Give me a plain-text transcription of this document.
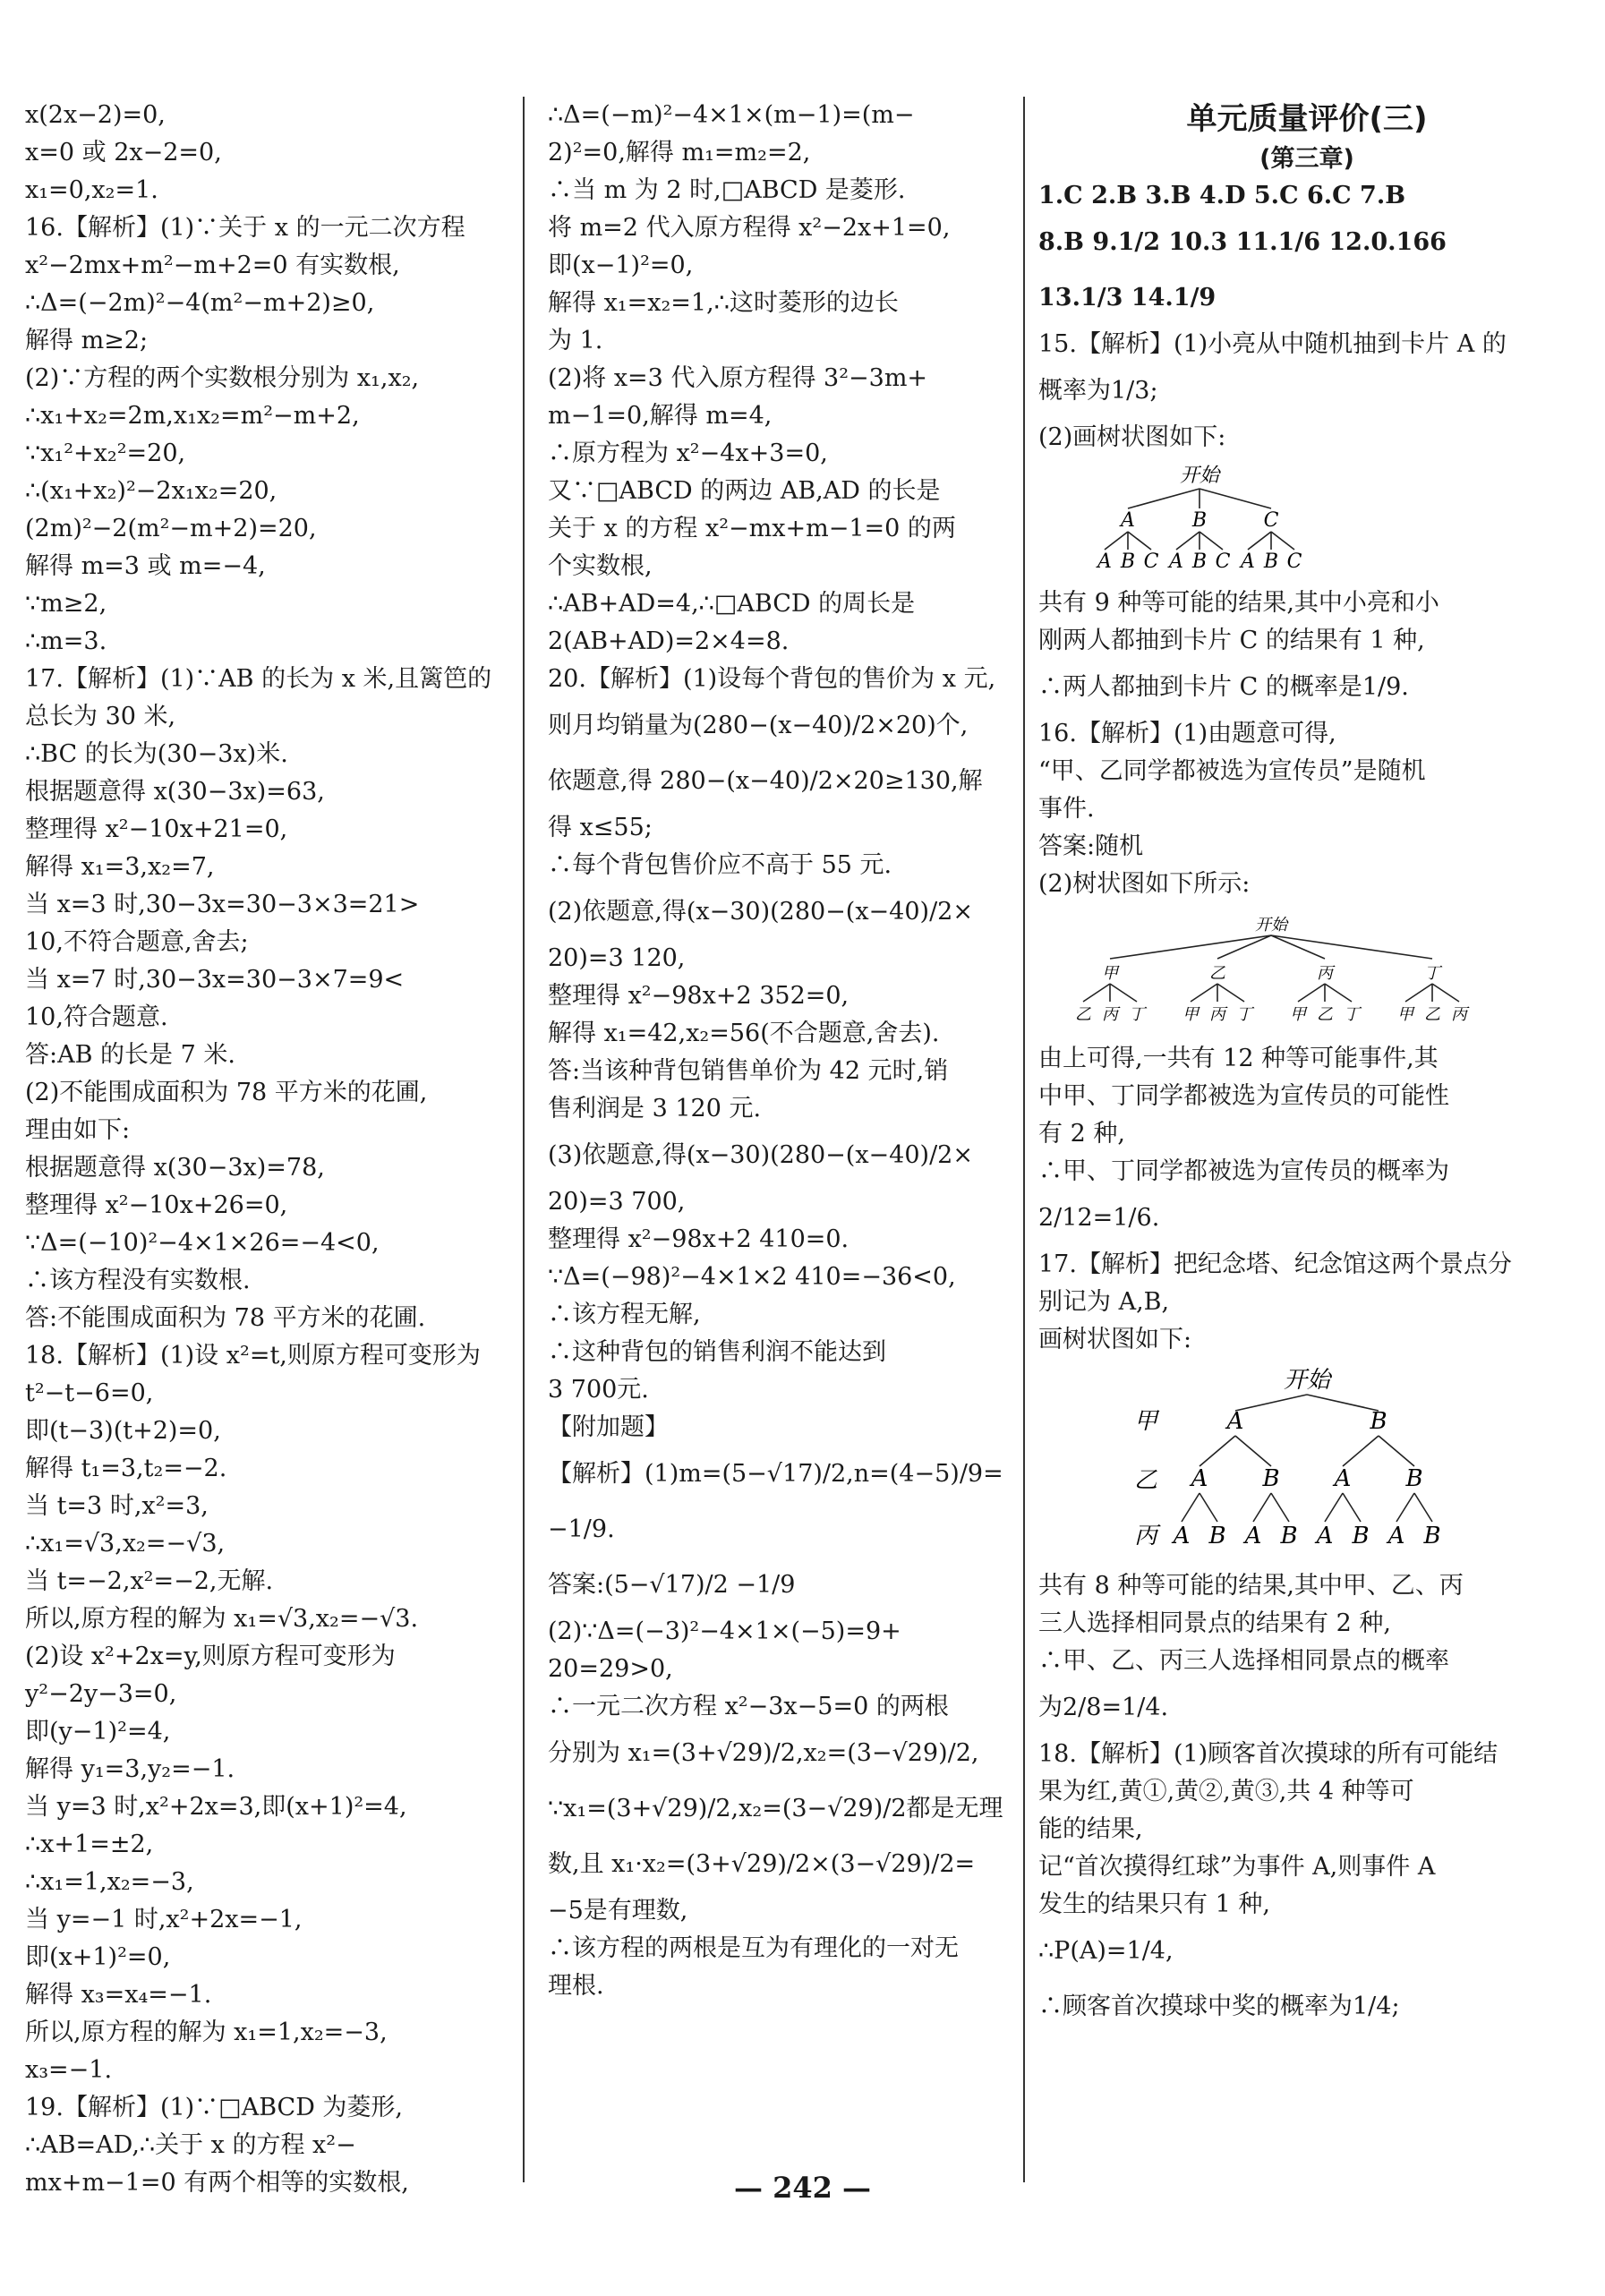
x(2x−2)=0,
x=0 或 2x−2=0,
x₁=0,x₂=1.
16.【解析】(1)∵关于 x 的一元二次方程
x²−2mx+m²−m+2=0 有实数根,
∴Δ=(−2m)²−4(m²−m+2)≥0,
解得 m≥2;
(2)∵方程的两个实数根分别为 x₁,x₂,
∴x₁+x₂=2m,x₁x₂=m²−m+2,
∵x₁²+x₂²=20,
∴(x₁+x₂)²−2x₁x₂=20,
(2m)²−2(m²−m+2)=20,
解得 m=3 或 m=−4,
∵m≥2,
∴m=3.
17.【解析】(1)∵AB 的长为 x 米,且篱笆的
总长为 30 米,
∴BC 的长为(30−3x)米.
根据题意得 x(30−3x)=63,
整理得 x²−10x+21=0,
解得 x₁=3,x₂=7,
当 x=3 时,30−3x=30−3×3=21>
10,不符合题意,舍去;
当 x=7 时,30−3x=30−3×7=9<
10,符合题意.
答:AB 的长是 7 米.
(2)不能围成面积为 78 平方米的花圃,
理由如下:
根据题意得 x(30−3x)=78,
整理得 x²−10x+26=0,
∵Δ=(−10)²−4×1×26=−4<0,
∴该方程没有实数根.
答:不能围成面积为 78 平方米的花圃.
18.【解析】(1)设 x²=t,则原方程可变形为
t²−t−6=0,
即(t−3)(t+2)=0,
解得 t₁=3,t₂=−2.
当 t=3 时,x²=3,
∴x₁=√3,x₂=−√3,
当 t=−2,x²=−2,无解.
所以,原方程的解为 x₁=√3,x₂=−√3.
(2)设 x²+2x=y,则原方程可变形为
y²−2y−3=0,
即(y−1)²=4,
解得 y₁=3,y₂=−1.
当 y=3 时,x²+2x=3,即(x+1)²=4,
∴x+1=±2,
∴x₁=1,x₂=−3,
当 y=−1 时,x²+2x=−1,
即(x+1)²=0,
解得 x₃=x₄=−1.
所以,原方程的解为 x₁=1,x₂=−3,
x₃=−1.
19.【解析】(1)∵□ABCD 为菱形,
∴AB=AD,∴关于 x 的方程 x²−
mx+m−1=0 有两个相等的实数根,
∴Δ=(−m)²−4×1×(m−1)=(m−
2)²=0,解得 m₁=m₂=2,
∴当 m 为 2 时,□ABCD 是菱形.
将 m=2 代入原方程得 x²−2x+1=0,
即(x−1)²=0,
解得 x₁=x₂=1,∴这时菱形的边长
为 1.
(2)将 x=3 代入原方程得 3²−3m+
m−1=0,解得 m=4,
∴原方程为 x²−4x+3=0,
又∵□ABCD 的两边 AB,AD 的长是
关于 x 的方程 x²−mx+m−1=0 的两
个实数根,
∴AB+AD=4,∴□ABCD 的周长是
2(AB+AD)=2×4=8.
20.【解析】(1)设每个背包的售价为 x 元,
则月均销量为(280−(x−40)/2×20)个,
依题意,得 280−(x−40)/2×20≥130,解
得 x≤55;
∴每个背包售价应不高于 55 元.
(2)依题意,得(x−30)(280−(x−40)/2×
20)=3 120,
整理得 x²−98x+2 352=0,
解得 x₁=42,x₂=56(不合题意,舍去).
答:当该种背包销售单价为 42 元时,销
售利润是 3 120 元.
(3)依题意,得(x−30)(280−(x−40)/2×
20)=3 700,
整理得 x²−98x+2 410=0.
∵Δ=(−98)²−4×1×2 410=−36<0,
∴该方程无解,
∴这种背包的销售利润不能达到
3 700元.
【附加题】
【解析】(1)m=(5−√17)/2,n=(4−5)/9=
−1/9.
答案:(5−√17)/2 −1/9
(2)∵Δ=(−3)²−4×1×(−5)=9+
20=29>0,
∴一元二次方程 x²−3x−5=0 的两根
分别为 x₁=(3+√29)/2,x₂=(3−√29)/2,
∵x₁=(3+√29)/2,x₂=(3−√29)/2都是无理
数,且 x₁·x₂=(3+√29)/2×(3−√29)/2=
−5是有理数,
∴该方程的两根是互为有理化的一对无
理根.
单元质量评价(三)
(第三章)
1.C 2.B 3.B 4.D 5.C 6.C 7.B
8.B 9.1/2 10.3 11.1/6 12.0.166
13.1/3 14.1/9
15.【解析】(1)小亮从中随机抽到卡片 A 的
概率为1/3;
(2)画树状图如下:
开始
A
A B C
B
A B C
C
A B C
共有 9 种等可能的结果,其中小亮和小
刚两人都抽到卡片 C 的结果有 1 种,
∴两人都抽到卡片 C 的概率是1/9.
16.【解析】(1)由题意可得,
“甲、乙同学都被选为宣传员”是随机
事件.
答案:随机
(2)树状图如下所示:
开始
甲
乙 丙 丁
乙
甲 丙 丁
丙
甲 乙 丁
丁
甲 乙 丙
由上可得,一共有 12 种等可能事件,其
中甲、丁同学都被选为宣传员的可能性
有 2 种,
∴甲、丁同学都被选为宣传员的概率为
2/12=1/6.
17.【解析】把纪念塔、纪念馆这两个景点分
别记为 A,B,
画树状图如下:
开始
甲
乙
丙
A
A
A B
B
A B
B
A
A B
B
A B
共有 8 种等可能的结果,其中甲、乙、丙
三人选择相同景点的结果有 2 种,
∴甲、乙、丙三人选择相同景点的概率
为2/8=1/4.
18.【解析】(1)顾客首次摸球的所有可能结
果为红,黄①,黄②,黄③,共 4 种等可
能的结果,
记“首次摸得红球”为事件 A,则事件 A
发生的结果只有 1 种,
∴P(A)=1/4,
∴顾客首次摸球中奖的概率为1/4;
— 242 —
